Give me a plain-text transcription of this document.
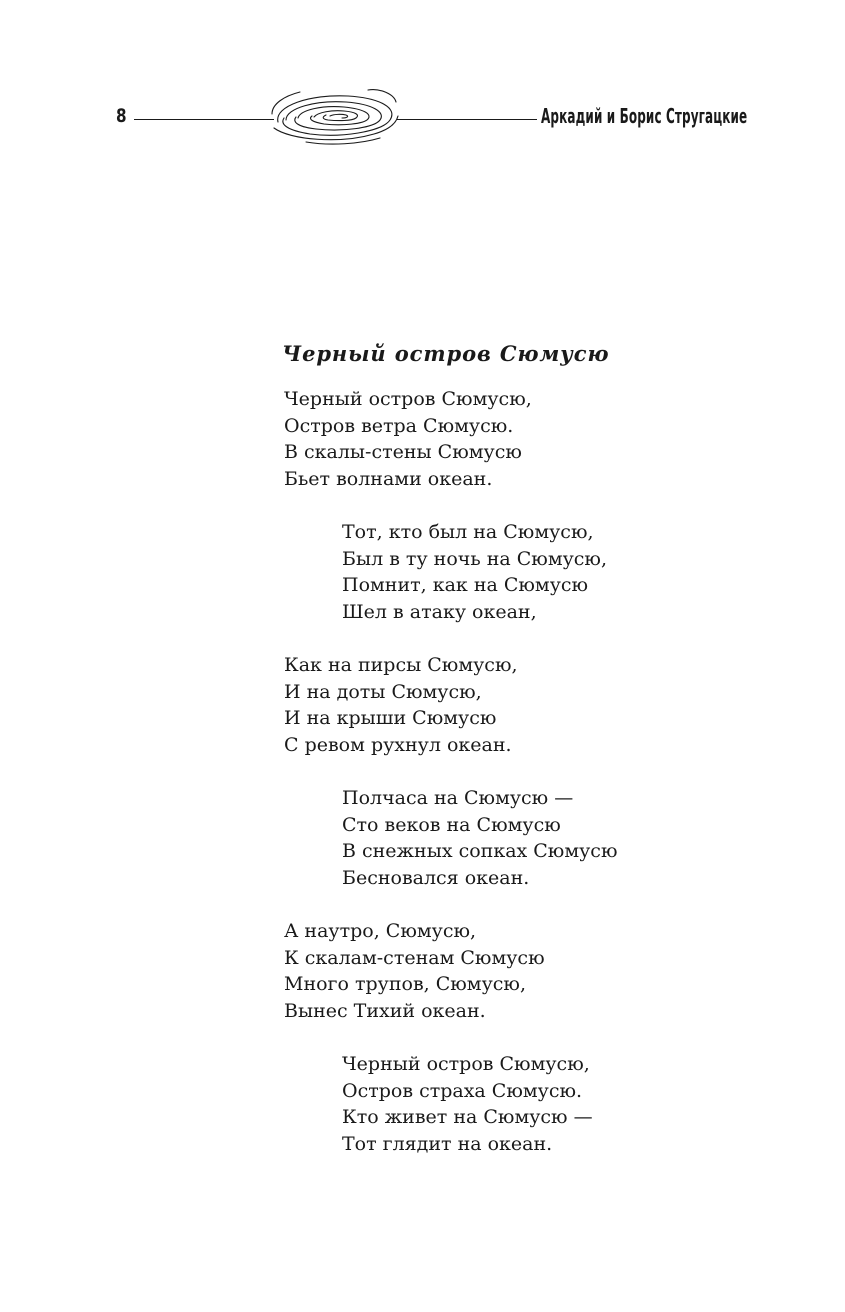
8	Аркадий и Борис Стругацкие
Черный остров Сюмусю
Черный остров Сюмусю,
Остров ветра Сюмусю.
В скалы-стены Сюмусю
Бьет волнами океан.
Тот, кто был на Сюмусю,
Был в ту ночь на Сюмусю,
Помнит, как на Сюмусю
Шел в атаку океан,
Как на пирсы Сюмусю,
И на доты Сюмусю,
И на крыши Сюмусю
С ревом рухнул океан.
Полчаса на Сюмусю —
Сто веков на Сюмусю
В снежных сопках Сюмусю
Бесновался океан.
А наутро, Сюмусю,
К скалам-стенам Сюмусю
Много трупов, Сюмусю,
Вынес Тихий океан.
Черный остров Сюмусю,
Остров страха Сюмусю.
Кто живет на Сюмусю —
Тот глядит на океан.
